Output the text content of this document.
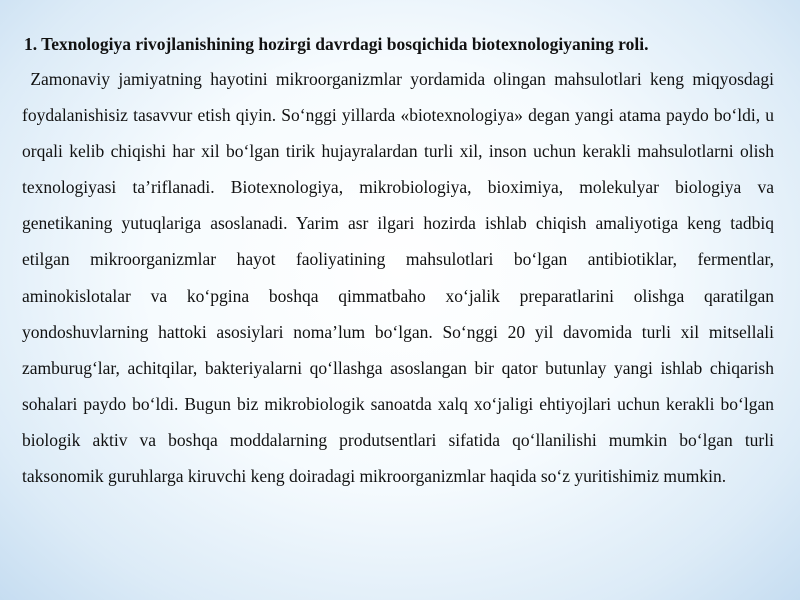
1. Texnologiya rivojlanishining hozirgi davrdagi bosqichida biotexnologiyaning roli.

Zamonaviy jamiyatning hayotini mikroorganizmlar yordamida olingan mahsulotlari keng miqyosdagi foydalanishisiz tasavvur etish qiyin. So‘nggi yillarda «biotexnologiya» degan yangi atama paydo bo‘ldi, u orqali kelib chiqishi har xil bo‘lgan tirik hujayralardan turli xil, inson uchun kerakli mahsulotlarni olish texnologiyasi ta’riflanadi. Biotexnologiya, mikrobiologiya, bioximiya, molekulyar biologiya va genetikaning yutuqlariga asoslanadi. Yarim asr ilgari hozirda ishlab chiqish amaliyotiga keng tadbiq etilgan mikroorganizmlar hayot faoliyatining mahsulotlari bo‘lgan antibiotiklar, fermentlar, aminokislotalar va ko‘pgina boshqa qimmatbaho xo‘jalik preparatlarini olishga qaratilgan yondoshuvlarning hattoki asosiylari noma’lum bo‘lgan. So‘nggi 20 yil davomida turli xil mitsellali zamburug‘lar, achitqilar, bakteriyalarni qo‘llashga asoslangan bir qator butunlay yangi ishlab chiqarish sohalari paydo bo‘ldi. Bugun biz mikrobiologik sanoatda xalq xo‘jaligi ehtiyojlari uchun kerakli bo‘lgan biologik aktiv va boshqa moddalarning produtsentlari sifatida qo‘llanilishi mumkin bo‘lgan turli taksonomik guruhlarga kiruvchi keng doiradagi mikroorganizmlar haqida so‘z yuritishimiz mumkin.
